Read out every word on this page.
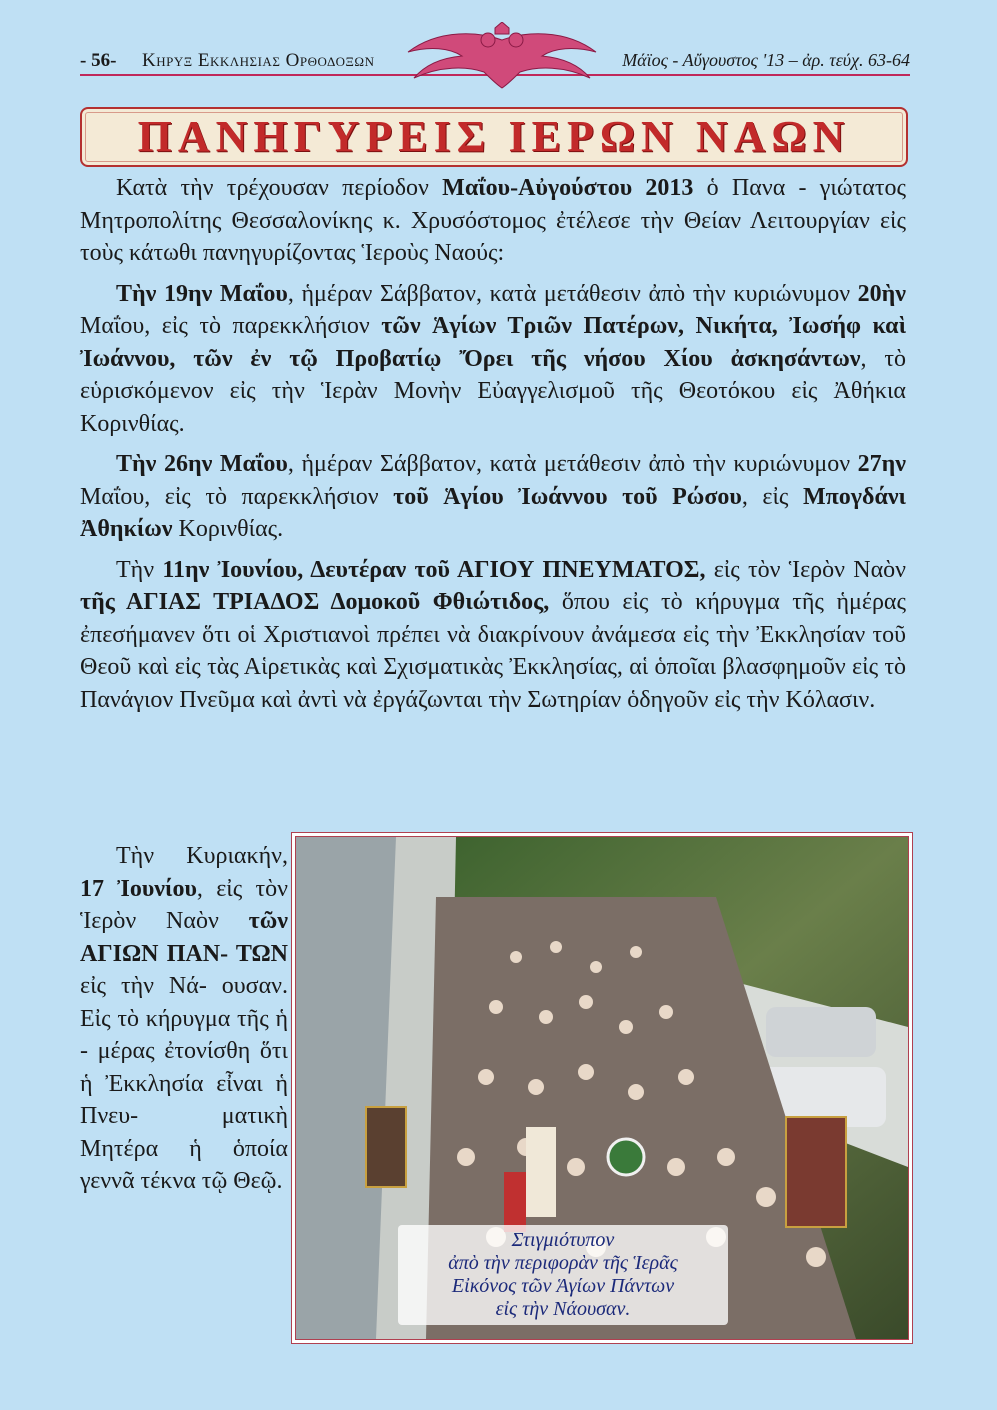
- 56- Κηρυξ Εκκλησιας Ορθοδοξων	Μάϊος - Αὔγουστος '13 – ἀρ. τεύχ. 63-64
ΠΑΝΗΓΥΡΕΙΣ ΙΕΡΩΝ ΝΑΩΝ

Κατὰ τὴν τρέχουσαν περίοδον Μαΐου-Αὐγούστου 2013 ὁ Πανα - γιώτατος Μητροπολίτης Θεσσαλονίκης κ. Χρυσόστομος ἐτέλεσε τὴν Θείαν Λειτουργίαν εἰς τοὺς κάτωθι πανηγυρίζοντας Ἱεροὺς Ναούς:

Τὴν 19ην Μαΐου, ἡμέραν Σάββατον, κατὰ μετάθεσιν ἀπὸ τὴν κυριώνυμον 20ὴν Μαΐου, εἰς τὸ παρεκκλήσιον τῶν Ἁγίων Τριῶν Πατέρων, Νικήτα, Ἰωσήφ καὶ Ἰωάννου, τῶν ἐν τῷ Προβατίῳ Ὄρει τῆς νήσου Χίου ἀσκησάντων, τὸ εὑρισκόμενον εἰς τὴν Ἱερὰν Μονὴν Εὐαγγελισμοῦ τῆς Θεοτόκου εἰς Ἀθήκια Κορινθίας.

Τὴν 26ην Μαΐου, ἡμέραν Σάββατον, κατὰ μετάθεσιν ἀπὸ τὴν κυριώνυμον 27ην Μαΐου, εἰς τὸ παρεκκλήσιον τοῦ Ἁγίου Ἰωάννου τοῦ Ρώσου, εἰς Μπογδάνι Ἀθηκίων Κορινθίας.

Τὴν 11ην Ἰουνίου, Δευτέραν τοῦ ΑΓΙΟΥ ΠΝΕΥΜΑΤΟΣ, εἰς τὸν Ἱερὸν Ναὸν τῆς ΑΓΙΑΣ ΤΡΙΑΔΟΣ Δομοκοῦ Φθιώτιδος, ὅπου εἰς τὸ κήρυγμα τῆς ἡμέρας ἐπεσήμανεν ὅτι οἱ Χριστιανοὶ πρέπει νὰ διακρίνουν ἀνάμεσα εἰς τὴν Ἐκκλησίαν τοῦ Θεοῦ καὶ εἰς τὰς Αἱρετικὰς καὶ Σχισματικὰς Ἐκκλησίας, αἱ ὁποῖαι βλασφημοῦν εἰς τὸ Πανάγιον Πνεῦμα καὶ ἀντὶ νὰ ἐργάζωνται τὴν Σωτηρίαν ὁδηγοῦν εἰς τὴν Κόλασιν.

Τὴν Κυριακήν, 17 Ἰουνίου, εἰς τὸν Ἱερὸν Ναὸν τῶν ΑΓΙΩΝ ΠΑΝ- ΤΩΝ εἰς τὴν Νά- ουσαν. Εἰς τὸ κήρυγμα τῆς ἡ - μέρας ἐτονίσθη ὅτι ἡ Ἐκκλησία εἶναι ἡ Πνευ- ματικὴ Μητέρα ἡ ὁποία γεννᾶ τέκνα τῷ Θεῷ.
Στιγμιότυπον
ἀπὸ τὴν περιφορὰν τῆς Ἱερᾶς
Εἰκόνος τῶν Ἁγίων Πάντων
εἰς τὴν Νάουσαν.
